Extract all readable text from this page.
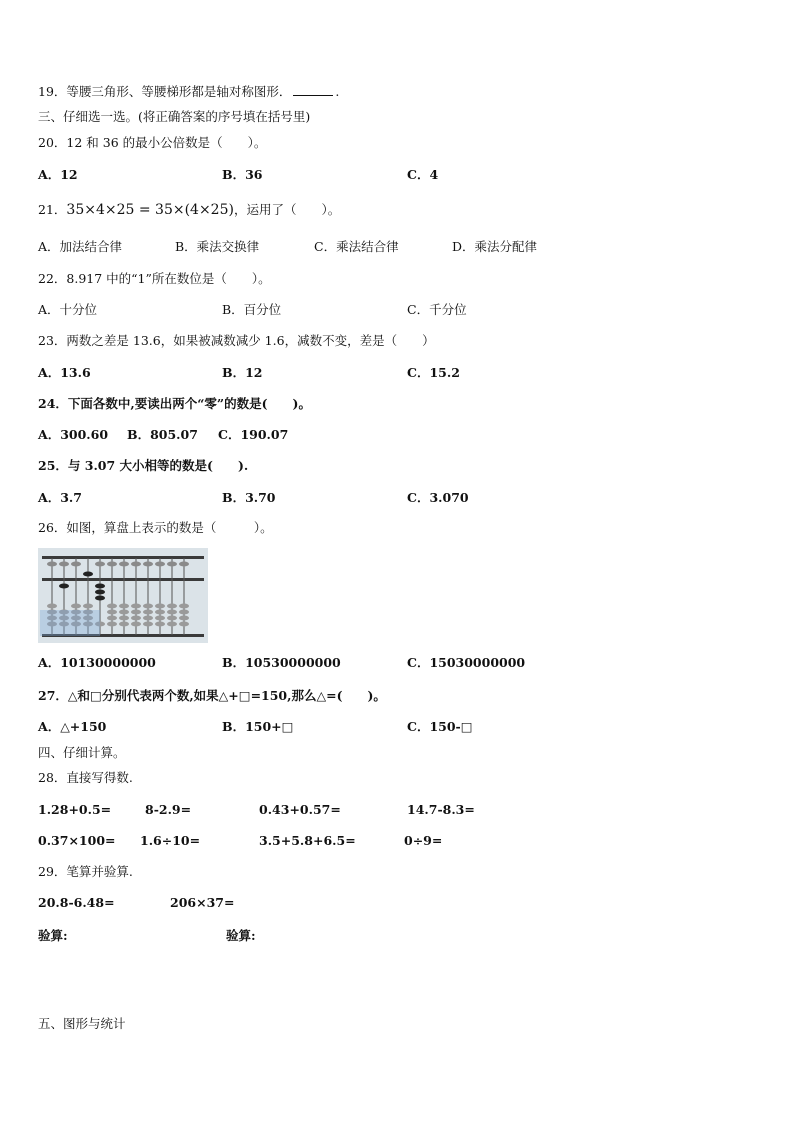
19．等腰三角形、等腰梯形都是轴对称图形．	.
三、仔细选一选。(将正确答案的序号填在括号里)
20．12 和 36 的最小公倍数是（　　）。
A．12	B．36	C．4
21．35×4×25 = 35×(4×25)，运用了（　　）。
A．加法结合律	B．乘法交换律	C．乘法结合律	D．乘法分配律
22．8.917 中的“1”所在数位是（　　）。
A．十分位	B．百分位	C．千分位
23．两数之差是 13.6，如果被减数减少 1.6，减数不变，差是（　　）
A．13.6	B．12	C．15.2
24．下面各数中,要读出两个“零”的数是(　　)。
A．300.60 B．805.07 C．190.07
25．与 3.07 大小相等的数是(　　).
A．3.7	B．3.70	C．3.070
26．如图，算盘上表示的数是（　　　）。
A．10130000000	B．10530000000	C．15030000000
27．△和□分别代表两个数,如果△+□=150,那么△=(　　)。
A．△+150	B．150+□	C．150-□
四、仔细计算。
28．直接写得数.
1.28+0.5=	8-2.9=	0.43+0.57=	14.7-8.3=
0.37×100= 1.6÷10=	3.5+5.8+6.5=	0÷9=
29．笔算并验算.
20.8-6.48=	206×37=
验算:	验算:
五、图形与统计
